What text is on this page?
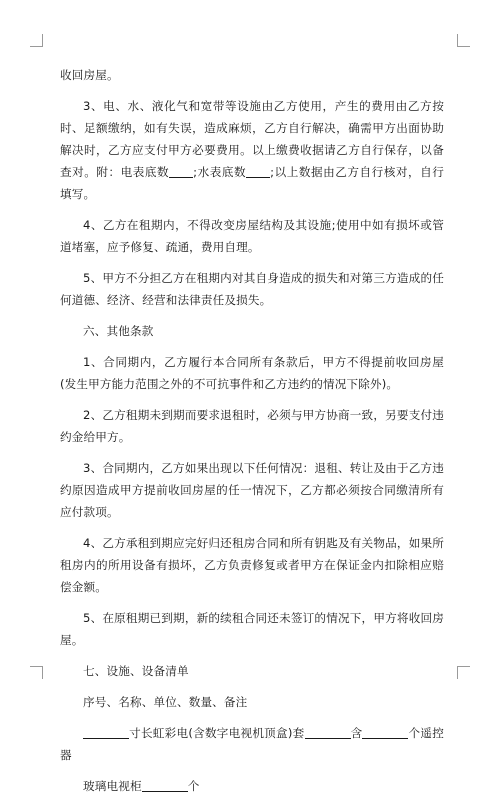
收回房屋。

3、电、水、液化气和宽带等设施由乙方使用，产生的费用由乙方按时、足额缴纳，如有失误，造成麻烦，乙方自行解决，确需甲方出面协助解决时，乙方应支付甲方必要费用。以上缴费收据请乙方自行保存，以备查对。附：电表底数 ;水表底数 ;以上数据由乙方自行核对，自行填写。

4、乙方在租期内，不得改变房屋结构及其设施;使用中如有损坏或管道堵塞，应予修复、疏通，费用自理。

5、甲方不分担乙方在租期内对其自身造成的损失和对第三方造成的任何道德、经济、经营和法律责任及损失。

六、其他条款

1、合同期内，乙方履行本合同所有条款后，甲方不得提前收回房屋(发生甲方能力范围之外的不可抗事件和乙方违约的情况下除外)。

2、乙方租期未到期而要求退租时，必须与甲方协商一致，另要支付违约金给甲方。

3、合同期内，乙方如果出现以下任何情况：退租、转让及由于乙方违约原因造成甲方提前收回房屋的任一情况下，乙方都必须按合同缴清所有应付款项。

4、乙方承租到期应完好归还租房合同和所有钥匙及有关物品，如果所租房内的所用设备有损坏，乙方负责修复或者甲方在保证金内扣除相应赔偿金额。

5、在原租期已到期，新的续租合同还未签订的情况下，甲方将收回房屋。

七、设施、设备清单

序号、名称、单位、数量、备注

寸长虹彩电(含数字电视机顶盒)套	含	个遥控器

玻璃电视柜	个
